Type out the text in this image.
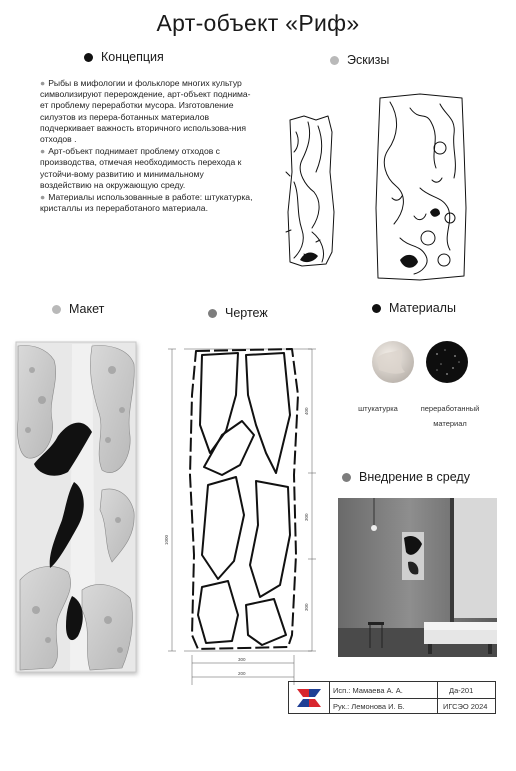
Арт-объект «Риф»
Концепция

● Рыбы в мифологии и фольклоре многих культур символизируют перерождение, арт-объект поднима-ет проблему переработки мусора. Изготовление силуэтов из перера-ботанных материалов подчеркивает важность вторичного использова-ния отходов .

● Арт-объект поднимает проблему отходов с производства, отмечая необходимость перехода к устойчи-вому развитию и минимальному воздействию на окружающую среду.

● Материалы использованные в работе: штукатурка, кристаллы из переработаного материала.

Эскизы
Макет	Чертеж
1000
400
300
300
300
200
Материалы
штукатурка	переработанный
материал
Внедрение в среду
Исп.: Мамаева А. А.
Рук.: Лемонова И. Б.
Да-201
ИГСЭО 2024
